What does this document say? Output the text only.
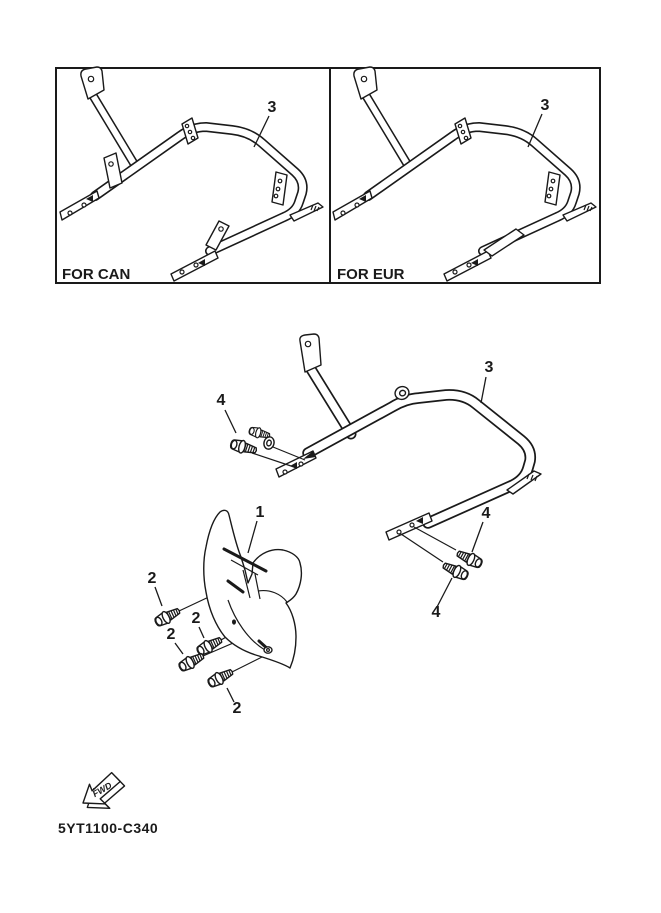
3
FOR CAN
3
FOR EUR
3
4
4
4
1
2
2
2
2
FWD
5YT1100-C340
